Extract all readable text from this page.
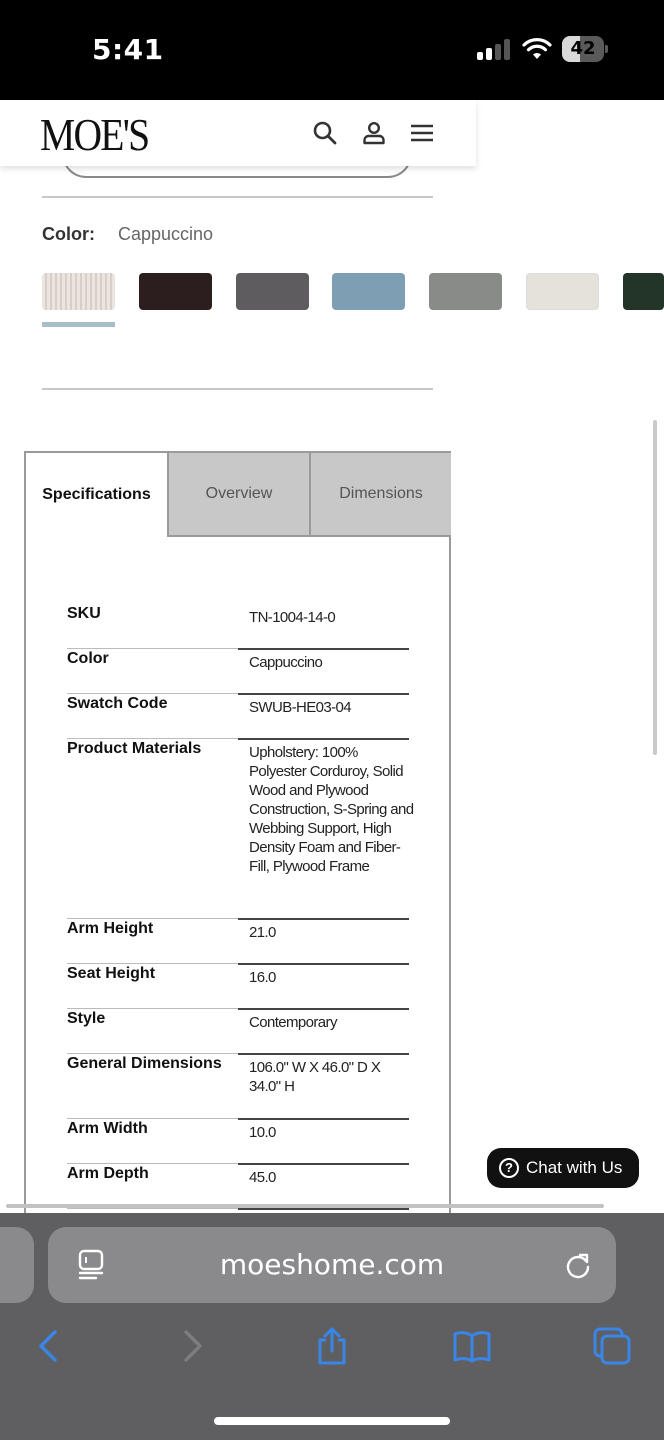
5:41	42
MOE'S
Color: Cappuccino
Specifications	Overview	Dimensions
SKU	TN-1004-14-0
Color	Cappuccino
Swatch Code	SWUB-HE03-04
Product Materials	Upholstery: 100% Polyester Corduroy, Solid Wood and Plywood Construction, S-Spring and Webbing Support, High Density Foam and Fiber-Fill, Plywood Frame
Arm Height	21.0
Seat Height	16.0
Style	Contemporary
General Dimensions	106.0" W X 46.0" D X 34.0" H
Arm Width	10.0
Arm Depth	45.0
? Chat with Us
moeshome.com
